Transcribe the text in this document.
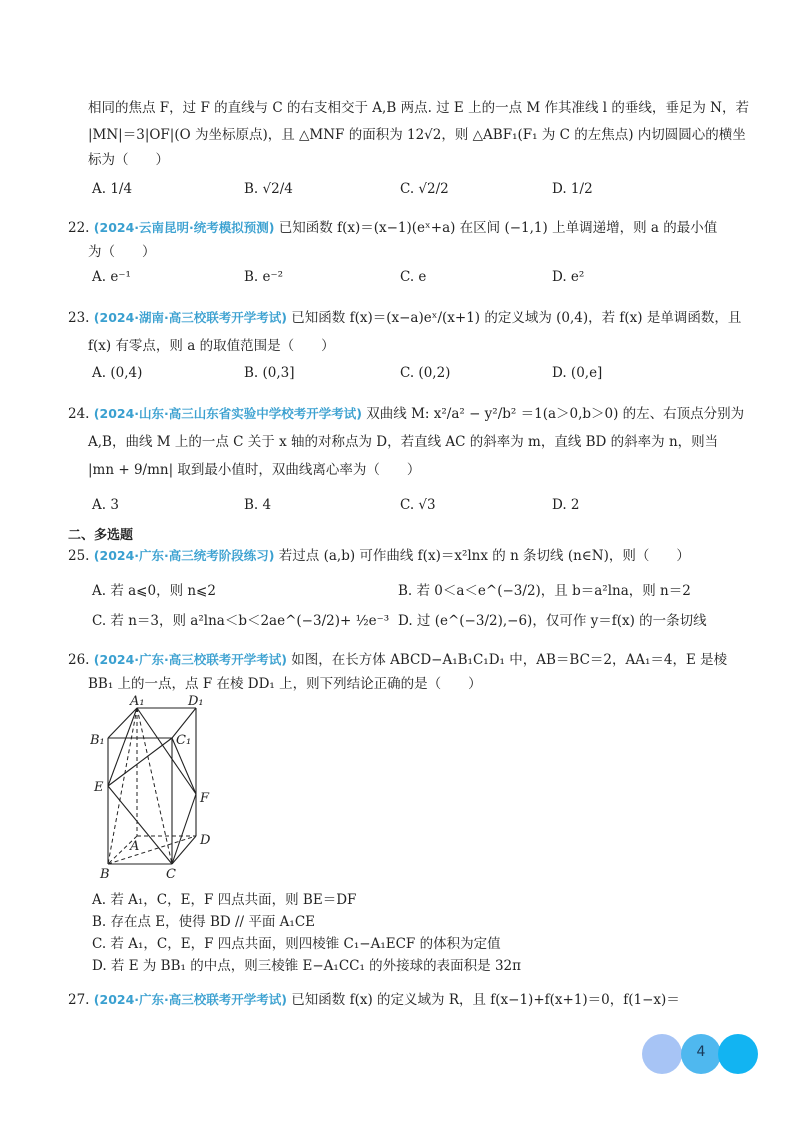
相同的焦点 F，过 F 的直线与 C 的右支相交于 A,B 两点. 过 E 上的一点 M 作其准线 l 的垂线，垂足为 N，若
|MN|＝3|OF|(O 为坐标原点)，且 △MNF 的面积为 12√2，则 △ABF₁(F₁ 为 C 的左焦点) 内切圆圆心的横坐
标为（　　）
A. 1/4	B. √2/4	C. √2/2	D. 1/2
22. (2024·云南昆明·统考模拟预测) 已知函数 f(x)＝(x−1)(eˣ+a) 在区间 (−1,1) 上单调递增，则 a 的最小值
为（　　）
A. e⁻¹	B. e⁻²	C. e	D. e²
23. (2024·湖南·高三校联考开学考试) 已知函数 f(x)＝(x−a)eˣ/(x+1) 的定义域为 (0,4)，若 f(x) 是单调函数，且
f(x) 有零点，则 a 的取值范围是（　　）
A. (0,4)	B. (0,3]	C. (0,2)	D. (0,e]
24. (2024·山东·高三山东省实验中学校考开学考试) 双曲线 M: x²/a² − y²/b² ＝1(a＞0,b＞0) 的左、右顶点分别为
A,B，曲线 M 上的一点 C 关于 x 轴的对称点为 D，若直线 AC 的斜率为 m，直线 BD 的斜率为 n，则当
|mn + 9/mn| 取到最小值时，双曲线离心率为（　　）
A. 3	B. 4	C. √3	D. 2
二、多选题
25. (2024·广东·高三统考阶段练习) 若过点 (a,b) 可作曲线 f(x)＝x²lnx 的 n 条切线 (n∈N)，则（　　）
A. 若 a⩽0，则 n⩽2	B. 若 0＜a＜e^(−3/2)，且 b＝a²lna，则 n＝2
C. 若 n＝3，则 a²lna＜b＜2ae^(−3/2)+ ½e⁻³ D. 过 (e^(−3/2),−6)，仅可作 y＝f(x) 的一条切线
26. (2024·广东·高三校联考开学考试) 如图，在长方体 ABCD−A₁B₁C₁D₁ 中，AB＝BC＝2，AA₁＝4，E 是棱
BB₁ 上的一点，点 F 在棱 DD₁ 上，则下列结论正确的是（　　）
A₁	D₁
B₁	C₁
E
F
D
A
B	C
A. 若 A₁，C，E，F 四点共面，则 BE＝DF
B. 存在点 E，使得 BD // 平面 A₁CE
C. 若 A₁，C，E，F 四点共面，则四棱锥 C₁−A₁ECF 的体积为定值
D. 若 E 为 BB₁ 的中点，则三棱锥 E−A₁CC₁ 的外接球的表面积是 32π
27. (2024·广东·高三校联考开学考试) 已知函数 f(x) 的定义域为 R，且 f(x−1)+f(x+1)＝0，f(1−x)＝
4
